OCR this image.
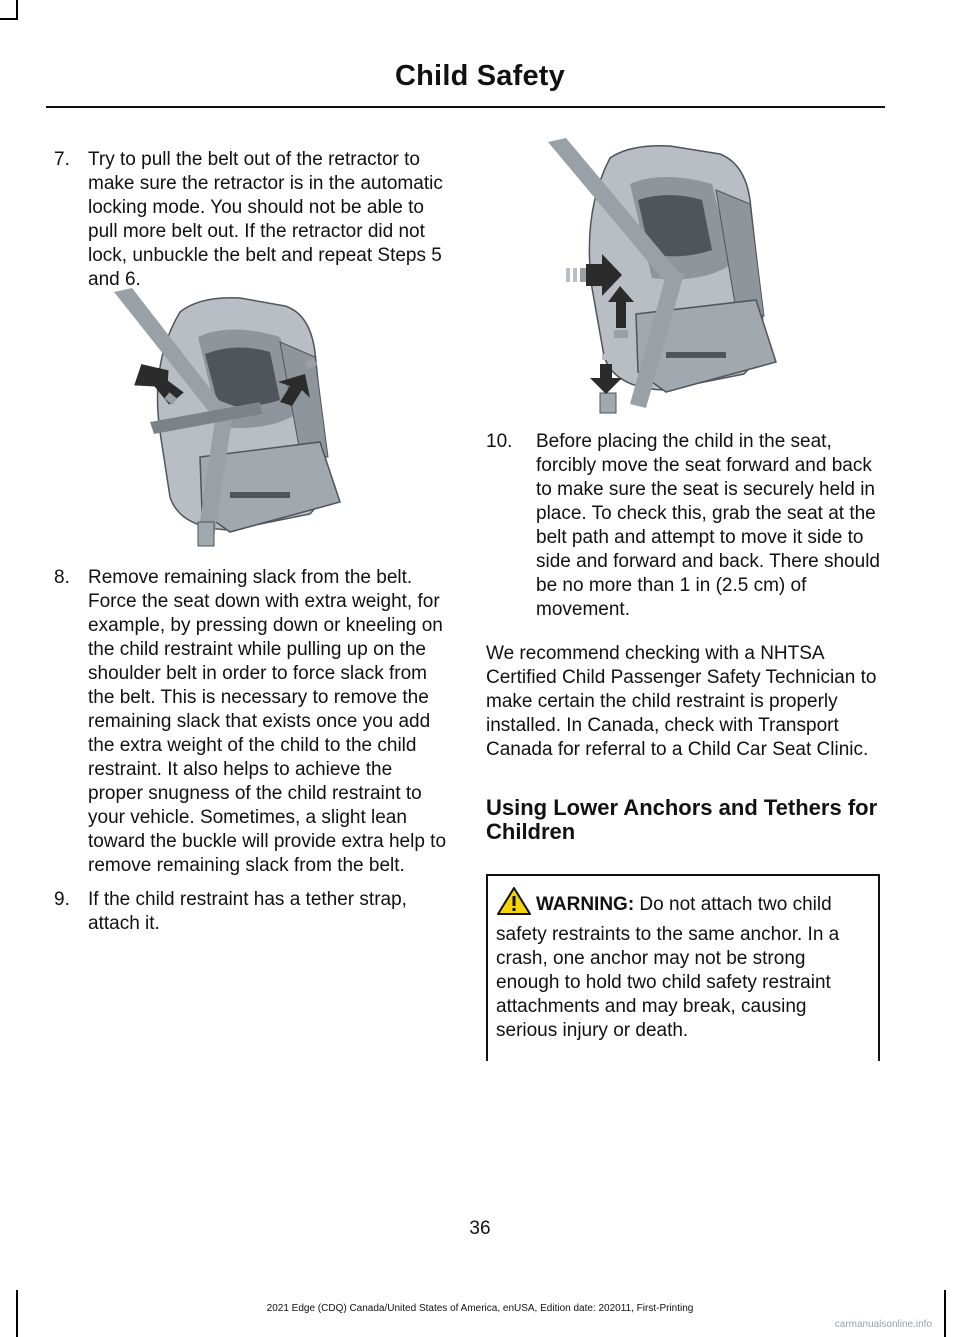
Child Safety
7. Try to pull the belt out of the retractor to make sure the retractor is in the automatic locking mode. You should not be able to pull more belt out. If the retractor did not lock, unbuckle the belt and repeat Steps 5 and 6.
8. Remove remaining slack from the belt. Force the seat down with extra weight, for example, by pressing down or kneeling on the child restraint while pulling up on the shoulder belt in order to force slack from the belt. This is necessary to remove the remaining slack that exists once you add the extra weight of the child to the child restraint. It also helps to achieve the proper snugness of the child restraint to your vehicle. Sometimes, a slight lean toward the buckle will provide extra help to remove remaining slack from the belt.
9. If the child restraint has a tether strap, attach it.
10.	Before placing the child in the seat, forcibly move the seat forward and back to make sure the seat is securely held in place. To check this, grab the seat at the belt path and attempt to move it side to side and forward and back. There should be no more than 1 in (2.5 cm) of movement.

We recommend checking with a NHTSA Certified Child Passenger Safety Technician to make certain the child restraint is properly installed. In Canada, check with Transport Canada for referral to a Child Car Seat Clinic.

Using Lower Anchors and Tethers for Children
WARNING: Do not attach two child safety restraints to the same anchor. In a crash, one anchor may not be strong enough to hold two child safety restraint attachments and may break, causing serious injury or death.
36
2021 Edge (CDQ) Canada/United States of America, enUSA, Edition date: 202011, First-Printing
carmanualsonline.info
